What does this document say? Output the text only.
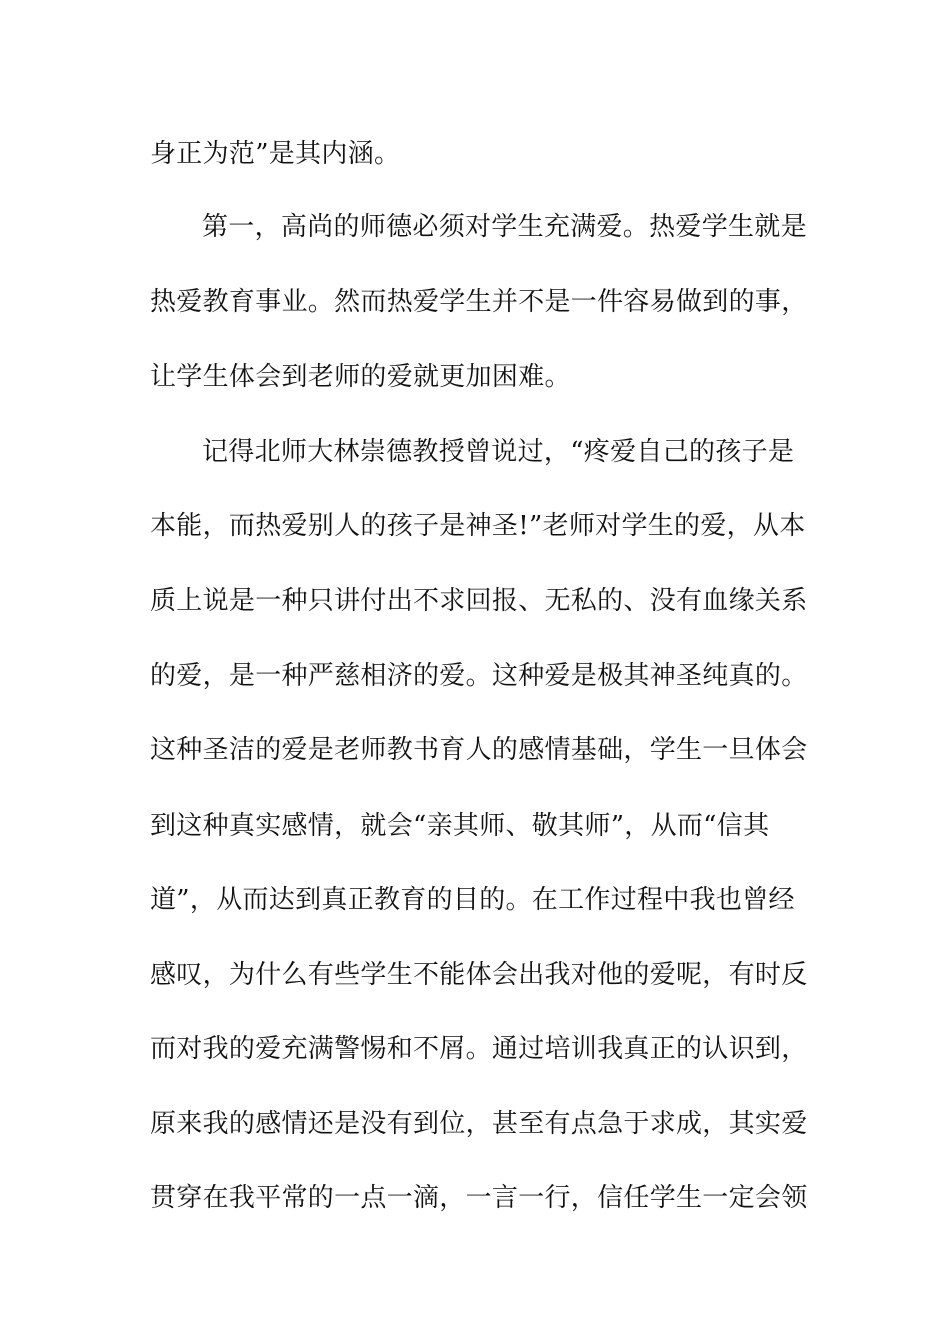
身正为范”是其内涵。
第一，高尚的师德必须对学生充满爱。热爱学生就是
热爱教育事业。然而热爱学生并不是一件容易做到的事，
让学生体会到老师的爱就更加困难。
记得北师大林崇德教授曾说过，“疼爱自己的孩子是
本能，而热爱别人的孩子是神圣!”老师对学生的爱，从本
质上说是一种只讲付出不求回报、无私的、没有血缘关系
的爱，是一种严慈相济的爱。这种爱是极其神圣纯真的。
这种圣洁的爱是老师教书育人的感情基础，学生一旦体会
到这种真实感情，就会“亲其师、敬其师”，从而“信其
道”，从而达到真正教育的目的。在工作过程中我也曾经
感叹，为什么有些学生不能体会出我对他的爱呢，有时反
而对我的爱充满警惕和不屑。通过培训我真正的认识到，
原来我的感情还是没有到位，甚至有点急于求成，其实爱
贯穿在我平常的一点一滴，一言一行，信任学生一定会领
